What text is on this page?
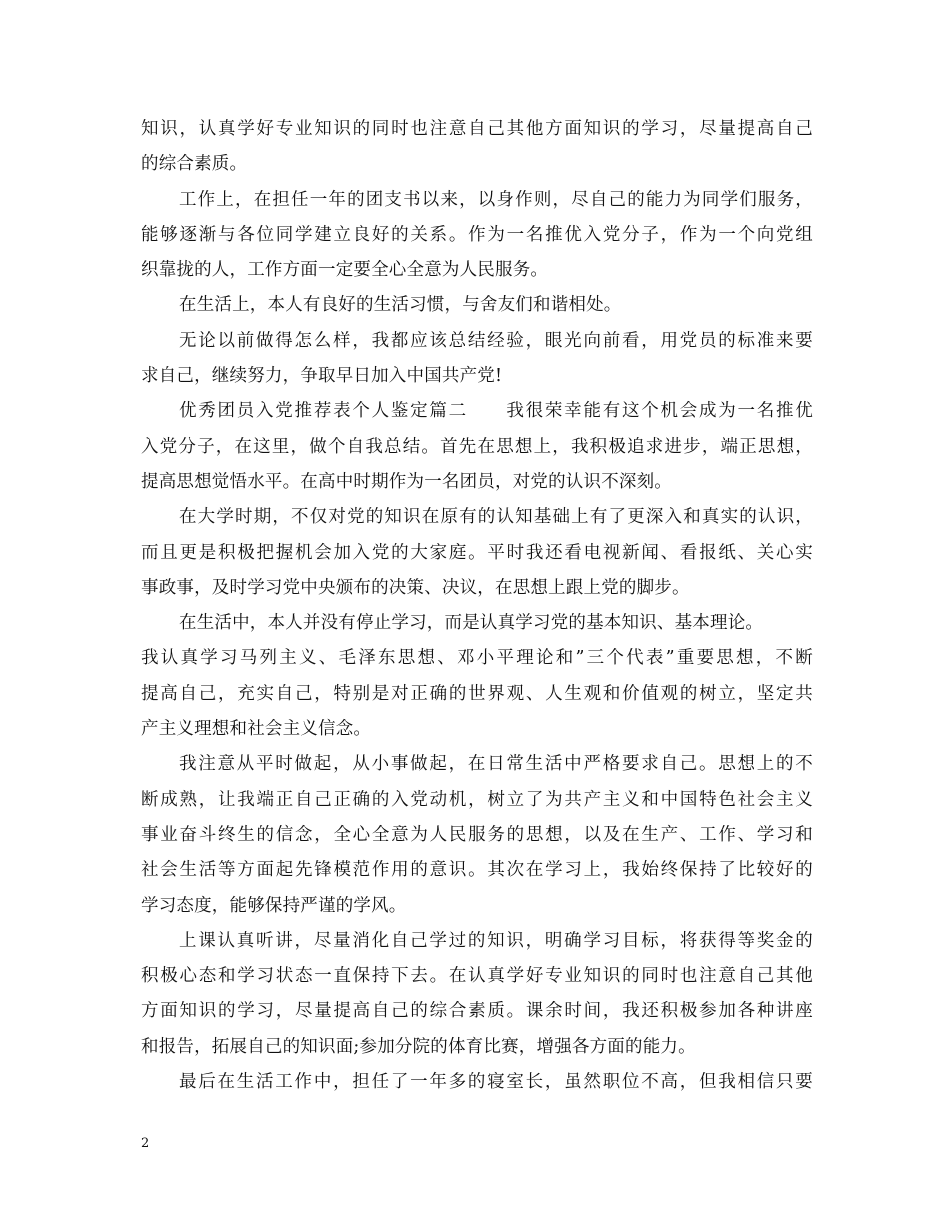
知识，认真学好专业知识的同时也注意自己其他方面知识的学习，尽量提高自己
的综合素质。
工作上，在担任一年的团支书以来，以身作则，尽自己的能力为同学们服务，
能够逐渐与各位同学建立良好的关系。作为一名推优入党分子，作为一个向党组
织靠拢的人，工作方面一定要全心全意为人民服务。
在生活上，本人有良好的生活习惯，与舍友们和谐相处。
无论以前做得怎么样，我都应该总结经验，眼光向前看，用党员的标准来要
求自己，继续努力，争取早日加入中国共产党!
优秀团员入党推荐表个人鉴定篇二　　我很荣幸能有这个机会成为一名推优
入党分子，在这里，做个自我总结。首先在思想上，我积极追求进步，端正思想，
提高思想觉悟水平。在高中时期作为一名团员，对党的认识不深刻。
在大学时期，不仅对党的知识在原有的认知基础上有了更深入和真实的认识，
而且更是积极把握机会加入党的大家庭。平时我还看电视新闻、看报纸、关心实
事政事，及时学习党中央颁布的决策、决议，在思想上跟上党的脚步。
在生活中，本人并没有停止学习，而是认真学习党的基本知识、基本理论。
我认真学习马列主义、毛泽东思想、邓小平理论和”三个代表”重要思想，不断
提高自己，充实自己，特别是对正确的世界观、人生观和价值观的树立，坚定共
产主义理想和社会主义信念。
我注意从平时做起，从小事做起，在日常生活中严格要求自己。思想上的不
断成熟，让我端正自己正确的入党动机，树立了为共产主义和中国特色社会主义
事业奋斗终生的信念，全心全意为人民服务的思想，以及在生产、工作、学习和
社会生活等方面起先锋模范作用的意识。其次在学习上，我始终保持了比较好的
学习态度，能够保持严谨的学风。
上课认真听讲，尽量消化自己学过的知识，明确学习目标，将获得等奖金的
积极心态和学习状态一直保持下去。在认真学好专业知识的同时也注意自己其他
方面知识的学习，尽量提高自己的综合素质。课余时间，我还积极参加各种讲座
和报告，拓展自己的知识面;参加分院的体育比赛，增强各方面的能力。
最后在生活工作中，担任了一年多的寝室长，虽然职位不高，但我相信只要
2
